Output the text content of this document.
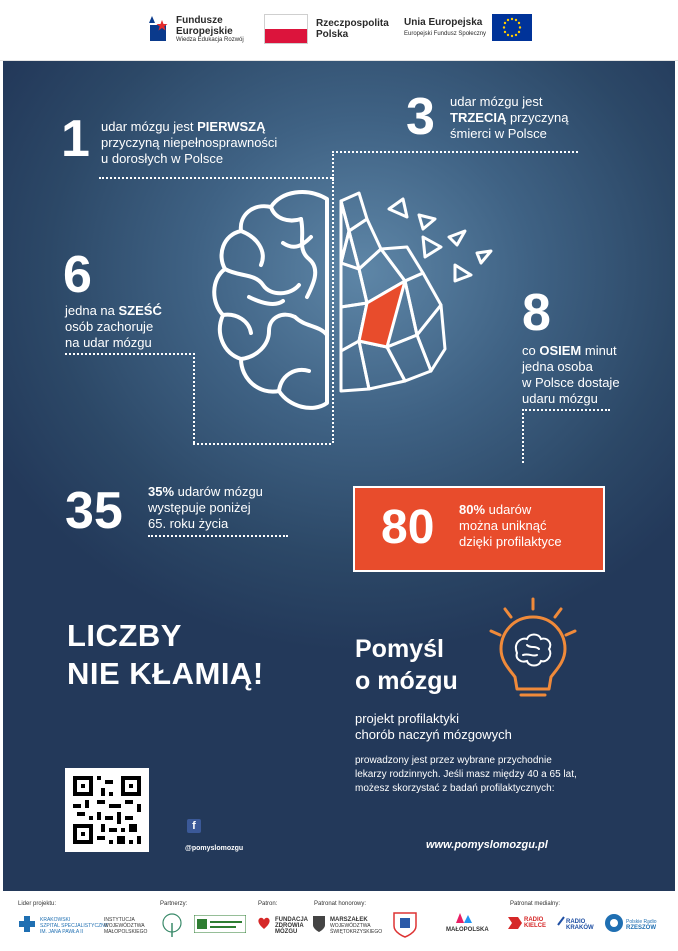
Fundusze
Europejskie
Wiedza Edukacja Rozwój
Rzeczpospolita
Polska
Unia Europejska
Europejski Fundusz Społeczny
1 udar mózgu jest PIERWSZĄ
przyczyną niepełnosprawności
u dorosłych w Polsce
3 udar mózgu jest
TRZECIĄ przyczyną
śmierci w Polsce
6
jedna na SZEŚĆ
osób zachoruje
na udar mózgu
8
co OSIEM minut
jedna osoba
w Polsce dostaje
udaru mózgu
35 35% udarów mózgu
występuje poniżej
65. roku życia	80 80% udarów
można uniknąć
dzięki profilaktyce
LICZBY
NIE KŁAMIĄ!
Pomyśl
o mózgu
projekt profilaktyki
chorób naczyń mózgowych
prowadzony jest przez wybrane przychodnie
lekarzy rodzinnych. Jeśli masz między 40 a 65 lat,
możesz skorzystać z badań profilaktycznych:
www.pomyslomozgu.pl
f
@pomyslomozgu
Lider projektu:	Partnerzy:	Patron:	Patronat honorowy:	Patronat medialny:
KRAKOWSKI
SZPITAL SPECJALISTYCZNY
IM. JANA PAWŁA II
INSTYTUCJA
WOJEWÓDZTWA
MAŁOPOLSKIEGO
FUNDACJA
ZDROWIA
MÓZGU
MARSZAŁEK
WOJEWÓDZTWA
ŚWIĘTOKRZYSKIEGO	MAŁOPOLSKA
RADIO
KIELCE
RADIO
KRAKÓW
Polskie Radio
RZESZÓW
